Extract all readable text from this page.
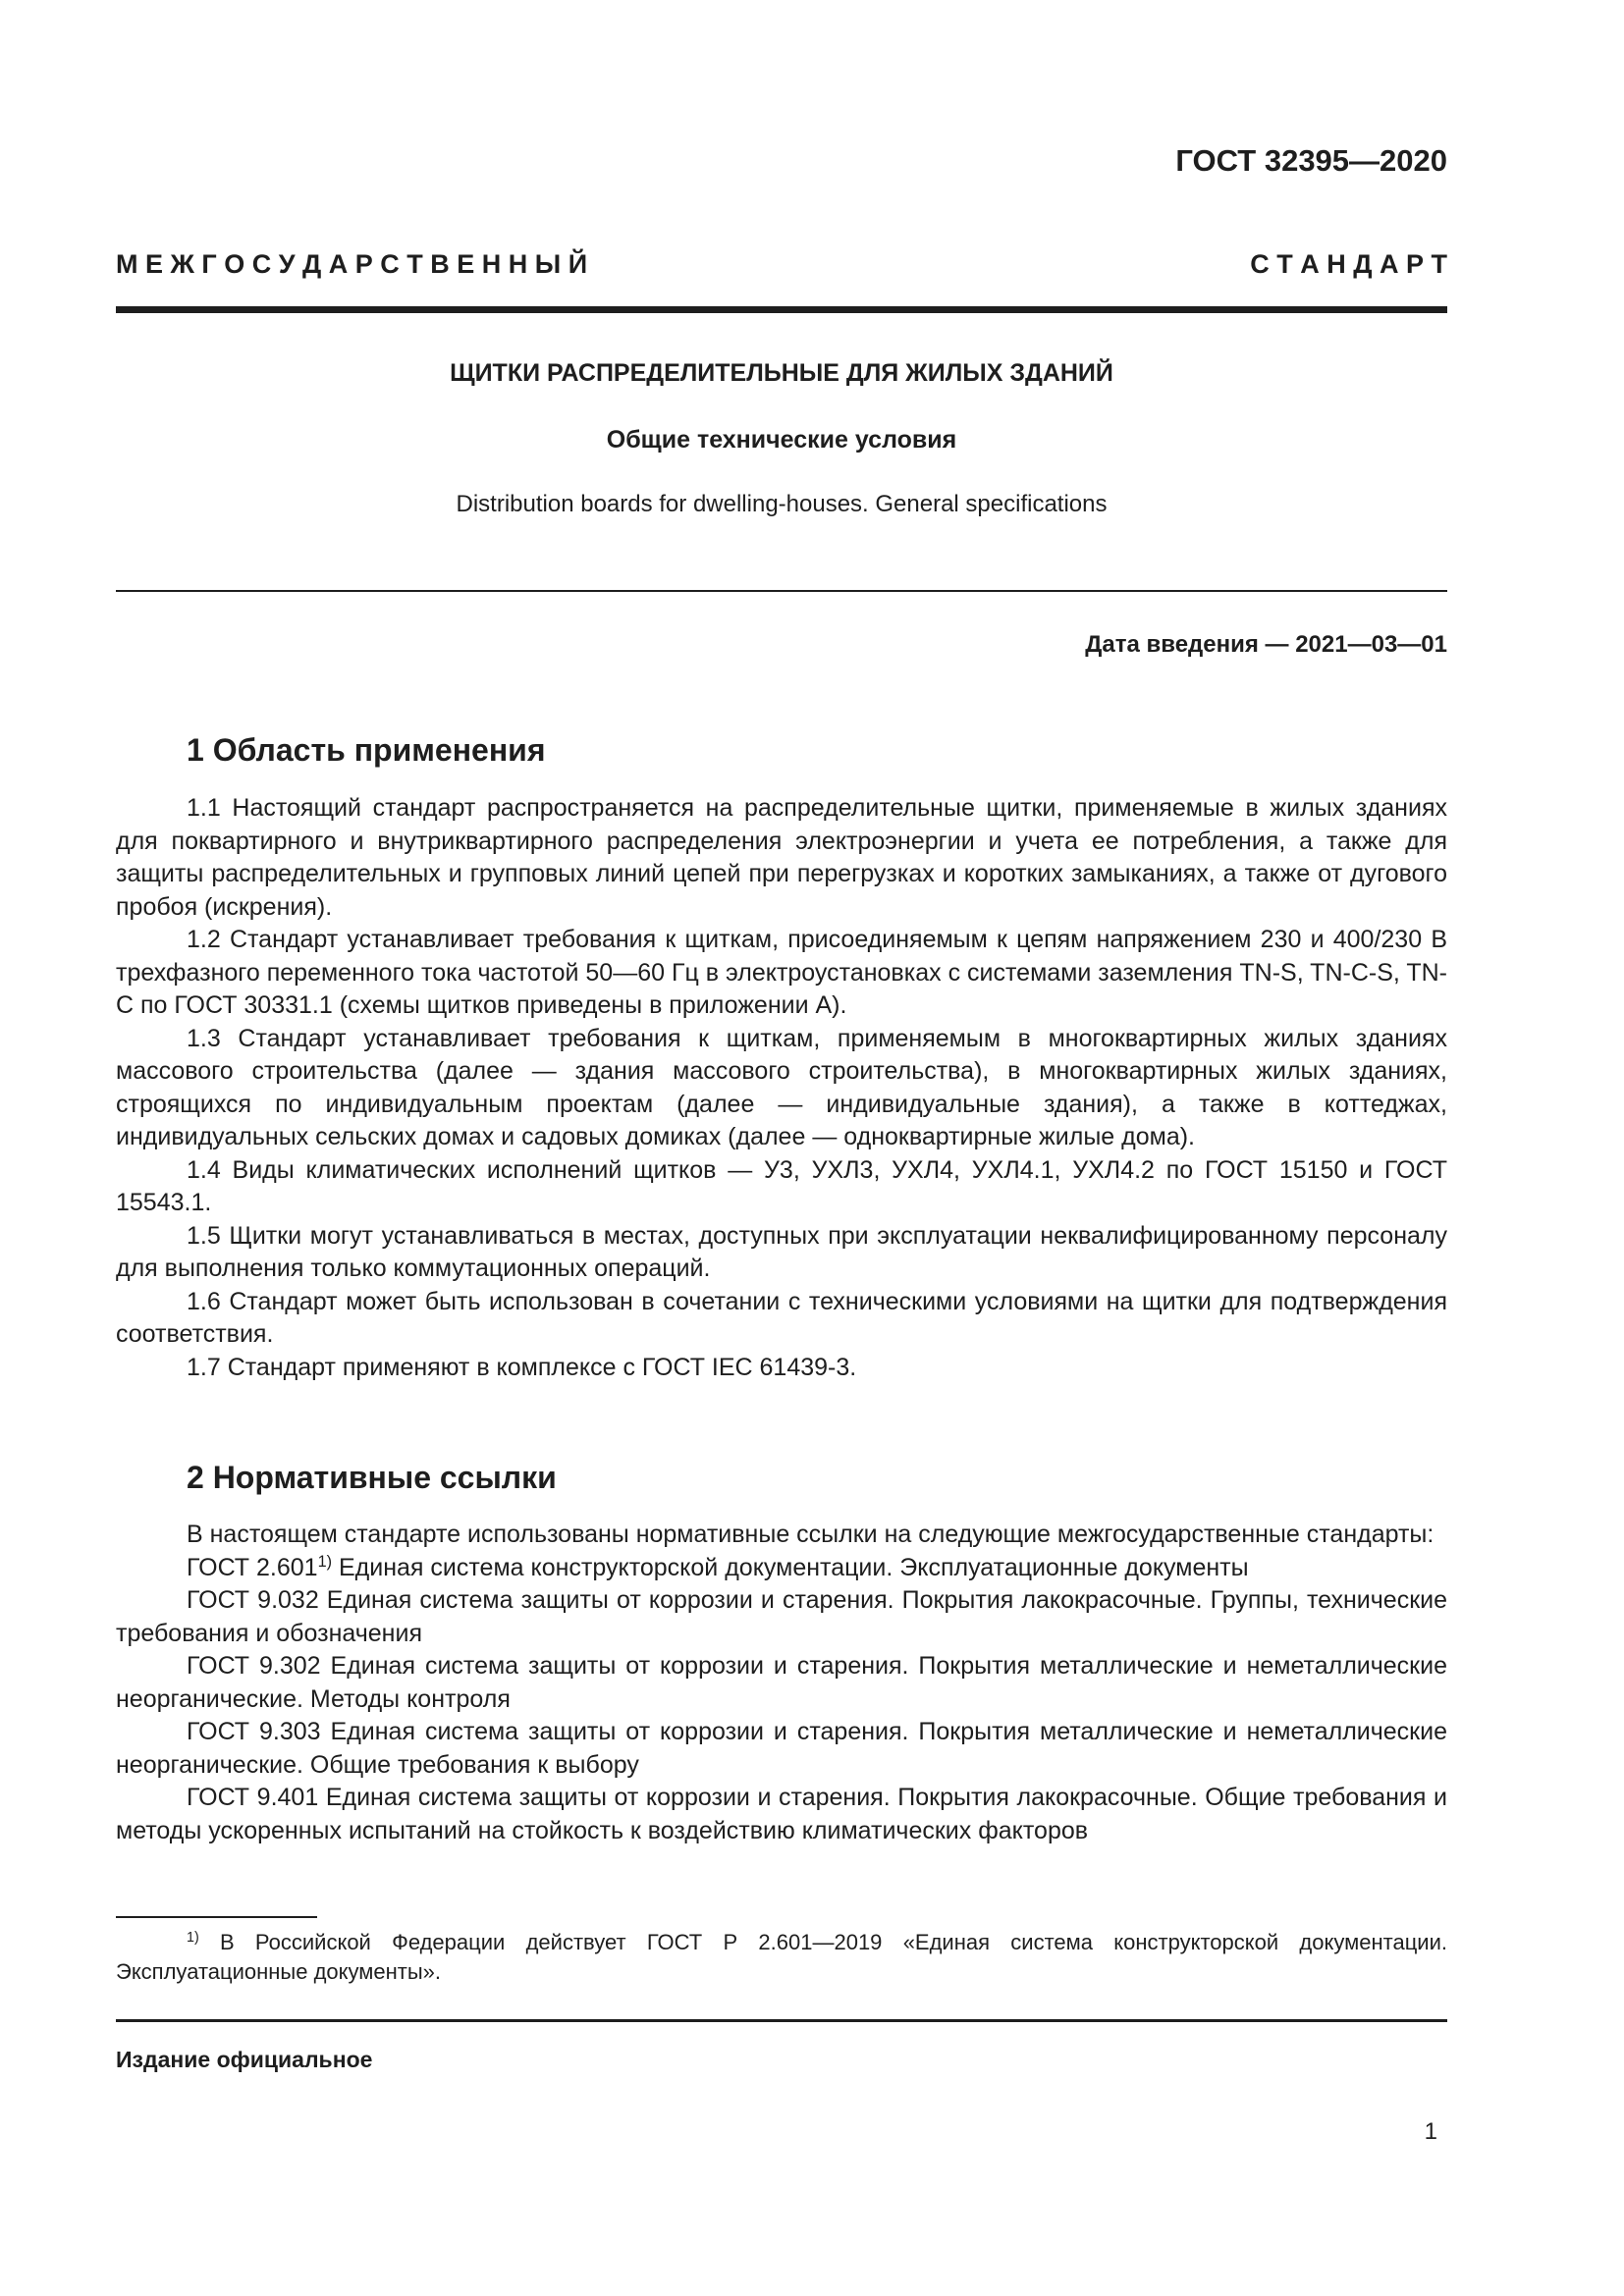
ГОСТ 32395—2020
М Е Ж Г О С У Д А Р С Т В Е Н Н Ы Й	С Т А Н Д А Р Т
ЩИТКИ РАСПРЕДЕЛИТЕЛЬНЫЕ ДЛЯ ЖИЛЫХ ЗДАНИЙ
Общие технические условия

Distribution boards for dwelling-houses. General specifications

Дата введения — 2021—03—01
1 Область применения

1.1 Настоящий стандарт распространяется на распределительные щитки, применяемые в жилых зданиях для поквартирного и внутриквартирного распределения электроэнергии и учета ее потребления, а также для защиты распределительных и групповых линий цепей при перегрузках и коротких замыканиях, а также от дугового пробоя (искрения).

1.2 Стандарт устанавливает требования к щиткам, присоединяемым к цепям напряжением 230 и 400/230 В трехфазного переменного тока частотой 50—60 Гц в электроустановках с системами заземления TN-S, TN-C-S, TN-C по ГОСТ 30331.1 (схемы щитков приведены в приложении А).

1.3 Стандарт устанавливает требования к щиткам, применяемым в многоквартирных жилых зданиях массового строительства (далее — здания массового строительства), в многоквартирных жилых зданиях, строящихся по индивидуальным проектам (далее — индивидуальные здания), а также в коттеджах, индивидуальных сельских домах и садовых домиках (далее — одноквартирные жилые дома).

1.4 Виды климатических исполнений щитков — У3, УХЛ3, УХЛ4, УХЛ4.1, УХЛ4.2 по ГОСТ 15150 и ГОСТ 15543.1.

1.5 Щитки могут устанавливаться в местах, доступных при эксплуатации неквалифицированному персоналу для выполнения только коммутационных операций.

1.6 Стандарт может быть использован в сочетании с техническими условиями на щитки для подтверждения соответствия.

1.7 Стандарт применяют в комплексе с ГОСТ IEC 61439-3.

2 Нормативные ссылки

В настоящем стандарте использованы нормативные ссылки на следующие межгосударственные стандарты:

ГОСТ 2.601$^{1)}$ Единая система конструкторской документации. Эксплуатационные документы

ГОСТ 9.032 Единая система защиты от коррозии и старения. Покрытия лакокрасочные. Группы, технические требования и обозначения

ГОСТ 9.302 Единая система защиты от коррозии и старения. Покрытия металлические и неметаллические неорганические. Методы контроля

ГОСТ 9.303 Единая система защиты от коррозии и старения. Покрытия металлические и неметаллические неорганические. Общие требования к выбору

ГОСТ 9.401 Единая система защиты от коррозии и старения. Покрытия лакокрасочные. Общие требования и методы ускоренных испытаний на стойкость к воздействию климатических факторов

$^{1)}$ В Российской Федерации действует ГОСТ Р 2.601—2019 «Единая система конструкторской документации. Эксплуатационные документы».

Издание официальное
1
